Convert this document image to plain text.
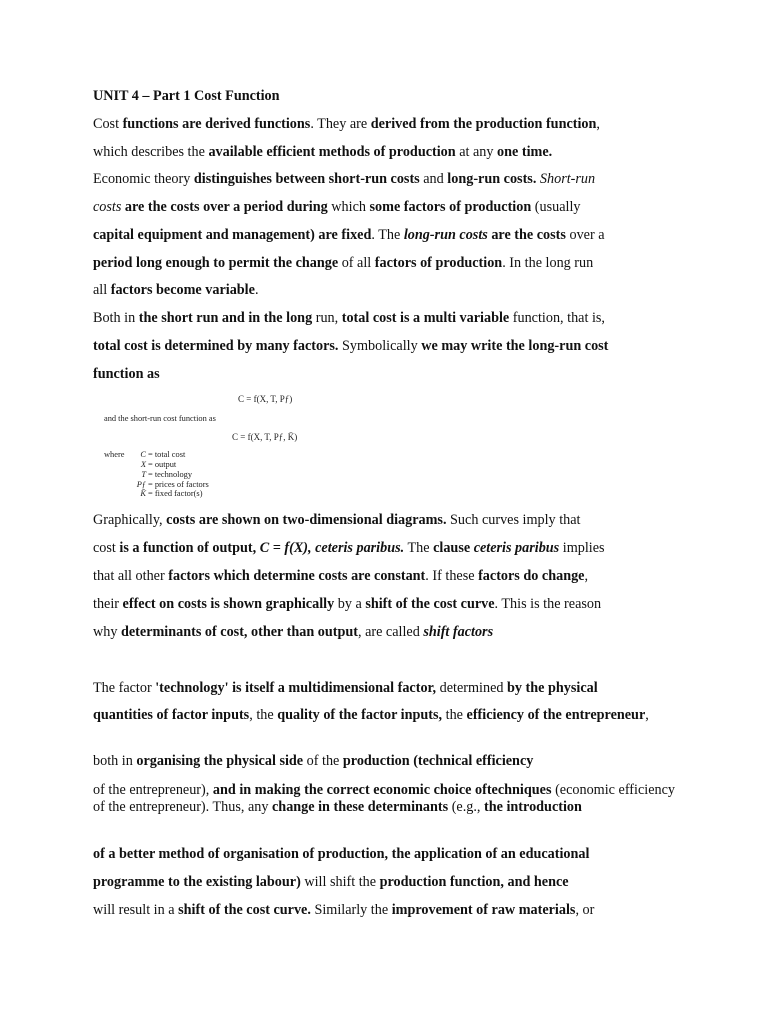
UNIT 4 – Part 1 Cost Function
Cost functions are derived functions. They are derived from the production function,
which describes the available efficient methods of production at any one time.
Economic theory distinguishes between short-run costs and long-run costs. Short-run
costs are the costs over a period during which some factors of production (usually
capital equipment and management) are fixed. The long-run costs are the costs over a
period long enough to permit the change of all factors of production. In the long run
all factors become variable.
Both in the short run and in the long run, total cost is a multi variable function, that is,
total cost is determined by many factors. Symbolically we may write the long-run cost
function as
C = f(X, T, Pƒ)
and the short-run cost function as
C = f(X, T, Pƒ, K̄)
where	C = total cost
X = output
T = technology
Pƒ = prices of factors
K̄ = fixed factor(s)
Graphically, costs are shown on two-dimensional diagrams. Such curves imply that
cost is a function of output, C = f(X), ceteris paribus. The clause ceteris paribus implies
that all other factors which determine costs are constant. If these factors do change,
their effect on costs is shown graphically by a shift of the cost curve. This is the reason
why determinants of cost, other than output, are called shift factors
The factor 'technology' is itself a multidimensional factor, determined by the physical
quantities of factor inputs, the quality of the factor inputs, the efficiency of the entrepreneur,
both in organising the physical side of the production (technical efficiency
of the entrepreneur), and in making the correct economic choice oftechniques (economic efficiency of the entrepreneur). Thus, any change in these determinants (e.g., the introduction
of a better method of organisation of production, the application of an educational
programme to the existing labour) will shift the production function, and hence
will result in a shift of the cost curve. Similarly the improvement of raw materials, or
